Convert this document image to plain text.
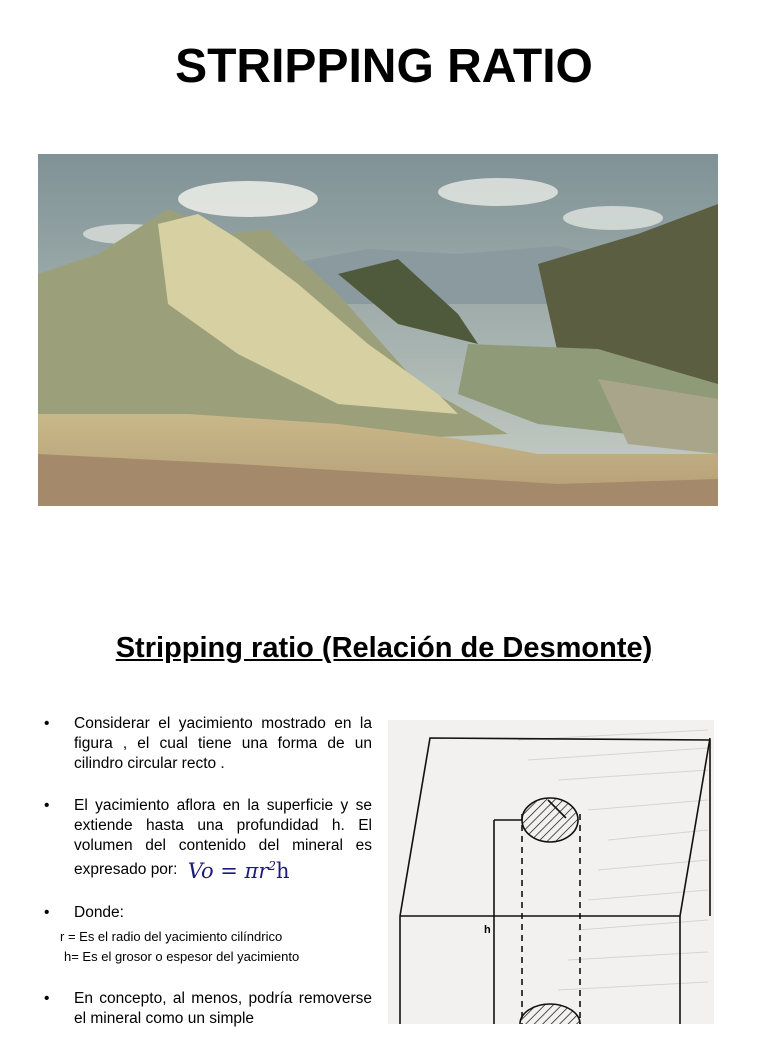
STRIPPING RATIO
Stripping ratio (Relación de Desmonte)
• Considerar el yacimiento mostrado en la figura , el cual tiene una forma de un cilindro circular recto .
• El yacimiento aflora en la superficie y se extiende hasta una profundidad h. El volumen del contenido del mineral es expresado por: $Vo = \pi r^2h$
• Donde:
r = Es el radio del yacimiento cilíndrico
h= Es el grosor o espesor del yacimiento
• En concepto, al menos, podría removerse el mineral como un simple
h
